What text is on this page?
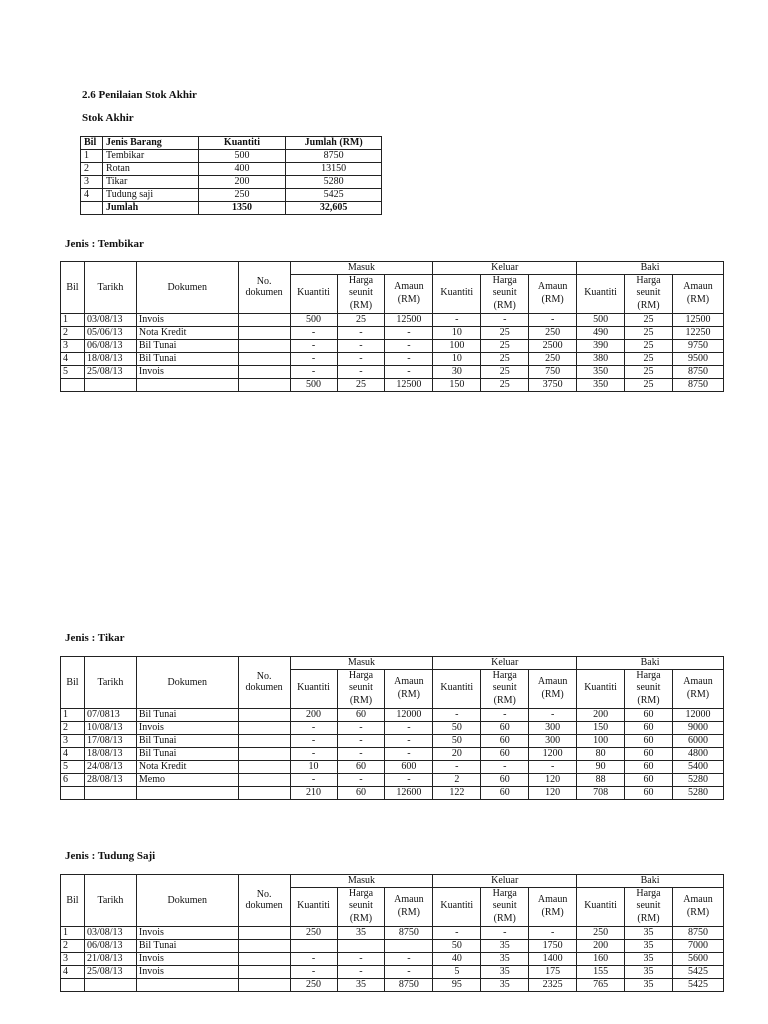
2.6 Penilaian Stok Akhir
Stok Akhir
Bil	Jenis Barang	Kuantiti	Jumlah (RM)
1	Tembikar	500	8750
2	Rotan	400	13150
3	Tikar	200	5280
4	Tudung saji	250	5425
	Jumlah	1350	32,605
Jenis : Tembikar
Jenis : Tikar
Jenis : Tudung Saji
Bil	Tarikh	Dokumen	No. dokumen	Masuk			Keluar			Baki		
				Kuantiti	Harga seunit (RM)	Amaun (RM)	Kuantiti	Harga seunit (RM)	Amaun (RM)	Kuantiti	Harga seunit (RM)	Amaun (RM)
1	03/08/13	Invois		500	25	12500	-	-	-	500	25	12500
2	05/06/13	Nota Kredit		-	-	-	10	25	250	490	25	12250
3	06/08/13	Bil Tunai		-	-	-	100	25	2500	390	25	9750
4	18/08/13	Bil Tunai		-	-	-	10	25	250	380	25	9500
5	25/08/13	Invois		-	-	-	30	25	750	350	25	8750
				500	25	12500	150	25	3750	350	25	8750
Bil	Tarikh	Dokumen	No. dokumen	Masuk			Keluar			Baki		
				Kuantiti	Harga seunit (RM)	Amaun (RM)	Kuantiti	Harga seunit (RM)	Amaun (RM)	Kuantiti	Harga seunit (RM)	Amaun (RM)
1	07/0813	Bil Tunai		200	60	12000	-	-	-	200	60	12000
2	10/08/13	Invois		-	-	-	50	60	300	150	60	9000
3	17/08/13	Bil Tunai		-	-	-	50	60	300	100	60	6000
4	18/08/13	Bil Tunai		-	-	-	20	60	1200	80	60	4800
5	24/08/13	Nota Kredit		10	60	600	-	-	-	90	60	5400
6	28/08/13	Memo		-	-	-	2	60	120	88	60	5280
				210	60	12600	122	60	120	708	60	5280
Bil	Tarikh	Dokumen	No. dokumen	Masuk			Keluar			Baki		
				Kuantiti	Harga seunit (RM)	Amaun (RM)	Kuantiti	Harga seunit (RM)	Amaun (RM)	Kuantiti	Harga seunit (RM)	Amaun (RM)
1	03/08/13	Invois		250	35	8750	-	-	-	250	35	8750
2	06/08/13	Bil Tunai					50	35	1750	200	35	7000
3	21/08/13	Invois		-	-	-	40	35	1400	160	35	5600
4	25/08/13	Invois		-	-	-	5	35	175	155	35	5425
				250	35	8750	95	35	2325	765	35	5425
